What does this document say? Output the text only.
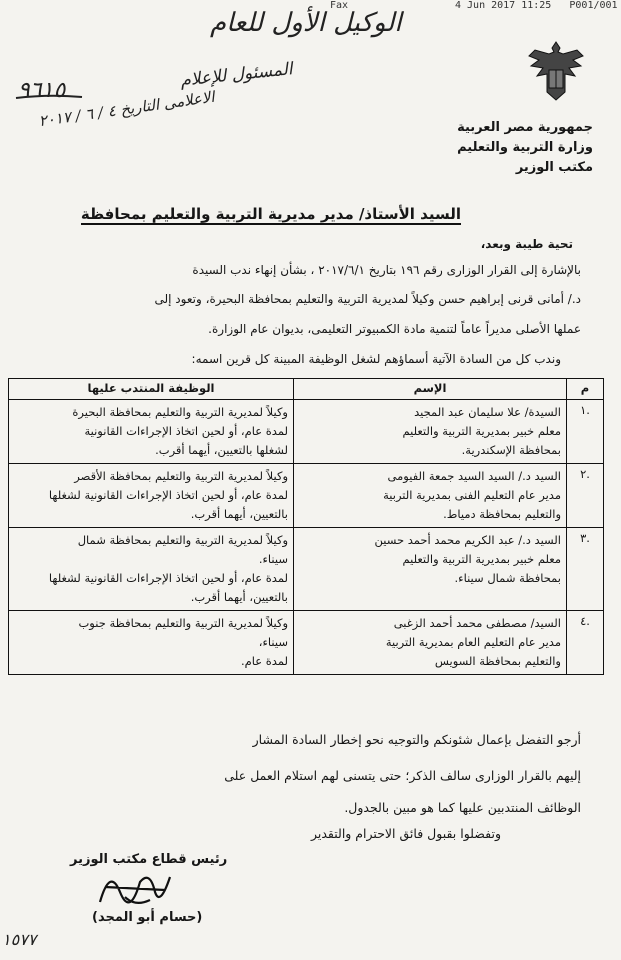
Fax	4 Jun 2017 11:25 P001/001
الوكيل الأول للعام
المسئول للإعلام
الاعلامى التاريخ ٤ / ٦ / ٢٠١٧
٩٦١٥
جمهورية مصر العربية
وزارة التربية والتعليم
مكتب الوزير
السيد الأستاذ/ مدير مديرية التربية والتعليم بمحافظة
تحية طيبة وبعد،
بالإشارة إلى القرار الوزارى رقم ١٩٦ بتاريخ ٢٠١٧/٦/١ ، بشأن إنهاء ندب السيدة
د./ أمانى قرنى إبراهيم حسن وكيلاً لمديرية التربية والتعليم بمحافظة البحيرة، وتعود إلى
عملها الأصلى مديراً عاماً لتنمية مادة الكمبيوتر التعليمى، بديوان عام الوزارة.
وندب كل من السادة الآتية أسماؤهم لشغل الوظيفة المبينة كل قرين اسمه:
م	الإسم	الوظيفة المنتدب عليها
.١	السيدة/ علا سليمان عبد المجيد
معلم خبير بمديرية التربية والتعليم
بمحافظة الإسكندرية.	وكيلاً لمديرية التربية والتعليم بمحافظة البحيرة
لمدة عام، أو لحين اتخاذ الإجراءات القانونية
لشغلها بالتعيين، أيهما أقرب.

.٢	السيد د./ السيد السيد جمعة الفيومى
مدير عام التعليم الفنى بمديرية التربية
والتعليم بمحافظة دمياط.	وكيلاً لمديرية التربية والتعليم بمحافظة الأقصر
لمدة عام، أو لحين اتخاذ الإجراءات القانونية لشغلها
بالتعيين، أيهما أقرب.

.٣	السيد د./ عبد الكريم محمد أحمد حسين
معلم خبير بمديرية التربية والتعليم
بمحافظة شمال سيناء.	وكيلاً لمديرية التربية والتعليم بمحافظة شمال
سيناء.
لمدة عام، أو لحين اتخاذ الإجراءات القانونية لشغلها
بالتعيين، أيهما أقرب.

.٤	السيد/ مصطفى محمد أحمد الزغبى
مدير عام التعليم العام بمديرية التربية
والتعليم بمحافظة السويس	وكيلاً لمديرية التربية والتعليم بمحافظة جنوب
سيناء،
لمدة عام.
أرجو التفضل بإعمال شئونكم والتوجيه نحو إخطار السادة المشار
إليهم بالقرار الوزارى سالف الذكر؛ حتى يتسنى لهم استلام العمل على
الوظائف المنتدبين عليها كما هو مبين بالجدول.
وتفضلوا بقبول فائق الاحترام والتقدير
رئيس قطاع مكتب الوزير
(حسام أبو المجد)
١٥٧٧
